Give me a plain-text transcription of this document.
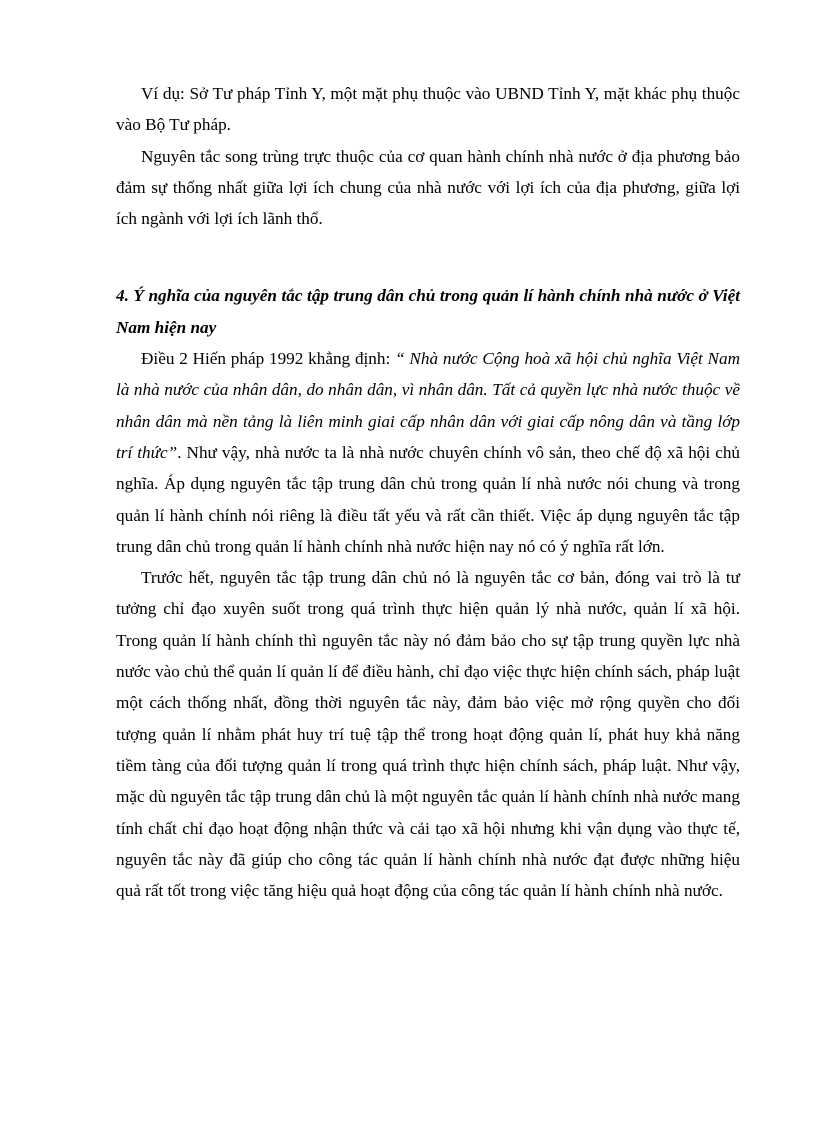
Ví dụ: Sở Tư pháp Tỉnh Y, một mặt phụ thuộc vào UBND Tỉnh Y, mặt khác phụ thuộc vào Bộ Tư pháp.

Nguyên tắc song trùng trực thuộc của cơ quan hành chính nhà nước ở địa phương bảo đảm sự thống nhất giữa lợi ích chung của nhà nước với lợi ích của địa phương, giữa lợi ích ngành với lợi ích lãnh thổ.

4. Ý nghĩa của nguyên tắc tập trung dân chủ trong quản lí hành chính nhà nước ở Việt Nam hiện nay

Điều 2 Hiến pháp 1992 khẳng định: “ Nhà nước Cộng hoà xã hội chủ nghĩa Việt Nam là nhà nước của nhân dân, do nhân dân, vì nhân dân. Tất cả quyền lực nhà nước thuộc về nhân dân mà nền tảng là liên minh giai cấp nhân dân với giai cấp nông dân và tầng lớp trí thức”. Như vậy, nhà nước ta là nhà nước chuyên chính vô sản, theo chế độ xã hội chủ nghĩa. Áp dụng nguyên tắc tập trung dân chủ trong quản lí nhà nước nói chung và trong quản lí hành chính nói riêng là điều tất yếu và rất cần thiết. Việc áp dụng nguyên tắc tập trung dân chủ trong quản lí hành chính nhà nước hiện nay nó có ý nghĩa rất lớn.

Trước hết, nguyên tắc tập trung dân chủ nó là nguyên tắc cơ bản, đóng vai trò là tư tưởng chỉ đạo xuyên suốt trong quá trình thực hiện quản lý nhà nước, quản lí xã hội. Trong quản lí hành chính thì nguyên tắc này nó đảm bảo cho sự tập trung quyền lực nhà nước vào chủ thể quản lí quản lí để điều hành, chỉ đạo việc thực hiện chính sách, pháp luật một cách thống nhất, đồng thời nguyên tắc này, đảm bảo việc mở rộng quyền cho đối tượng quản lí nhằm phát huy trí tuệ tập thể trong hoạt động quản lí, phát huy khả năng tiềm tàng của đối tượng quản lí trong quá trình thực hiện chính sách, pháp luật. Như vậy, mặc dù nguyên tắc tập trung dân chủ là một nguyên tắc quản lí hành chính nhà nước mang tính chất chỉ đạo hoạt động nhận thức và cải tạo xã hội nhưng khi vận dụng vào thực tế, nguyên tắc này đã giúp cho công tác quản lí hành chính nhà nước đạt được những hiệu quả rất tốt trong việc tăng hiệu quả hoạt động của công tác quản lí hành chính nhà nước.
